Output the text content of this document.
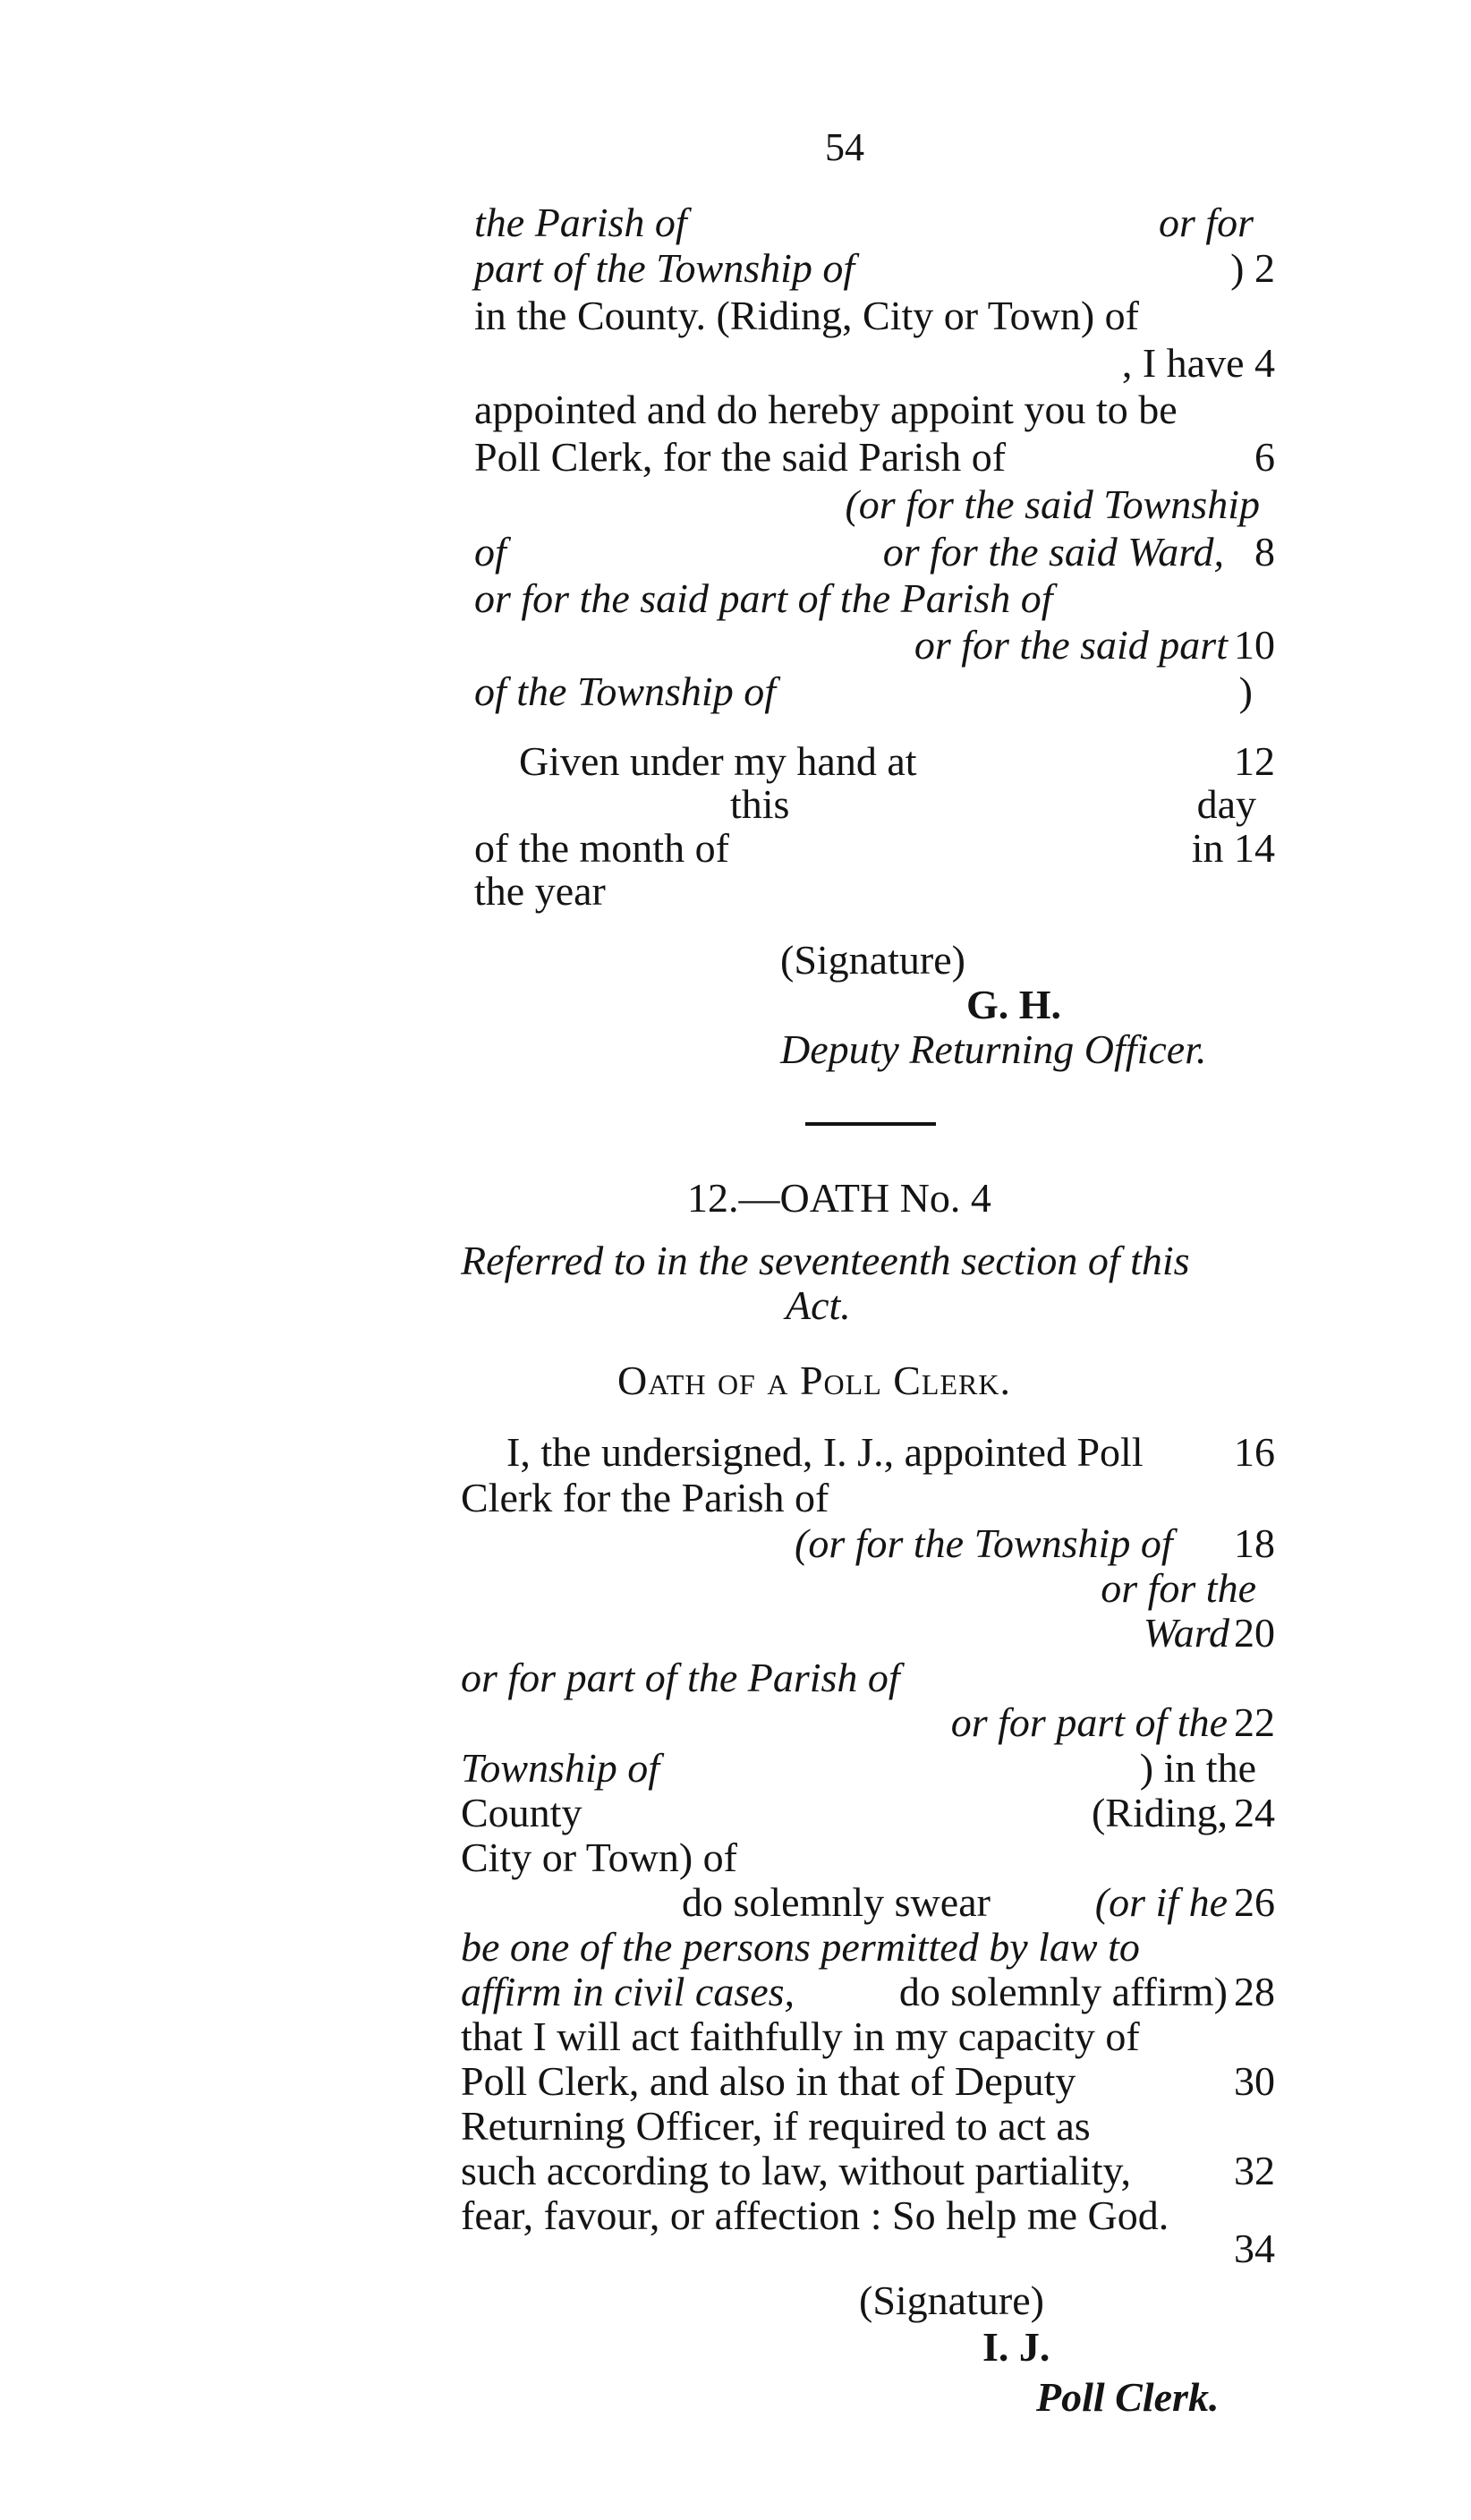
54
the Parish of	or for
part of the Township of	) 2
in the County. (Riding, City or Town) of
, I have 4
appointed and do hereby appoint you to be
Poll Clerk, for the said Parish of	6
(or for the said Township
of	or for the said Ward, 8
or for the said part of the Parish of
or for the said part 10
of the Township of	)
Given under my hand at	12
this	day
of the month of	in 14
the year
(Signature)
G. H.
Deputy Returning Officer.
12.—OATH No. 4
Referred to in the seventeenth section of this
Act.
Oath of a Poll Clerk.
I, the undersigned, I. J., appointed Poll 16
Clerk for the Parish of
(or for the Township of 18
or for the
Ward 20
or for part of the Parish of
or for part of the 22
Township of	) in the
County	(Riding, 24
City or Town) of
do solemnly swear	(or if he 26
be one of the persons permitted by law to
affirm in civil cases,	do solemnly affirm) 28
that I will act faithfully in my capacity of
Poll Clerk, and also in that of Deputy	30
Returning Officer, if required to act as
such according to law, without partiality, 32
fear, favour, or affection : So help me God.
34
(Signature)
I. J.
Poll Clerk.
